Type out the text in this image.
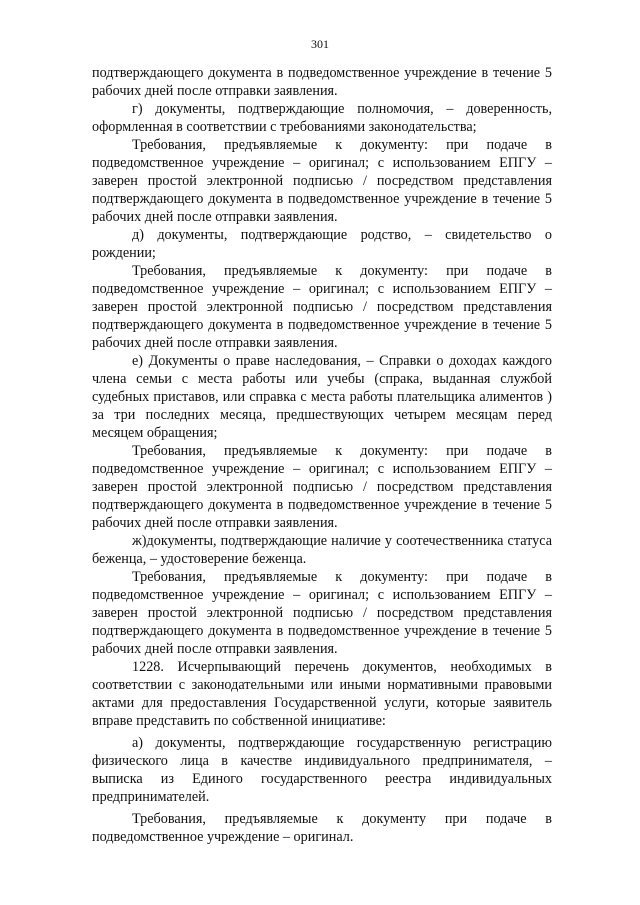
301

подтверждающего документа в подведомственное учреждение в течение 5 рабочих дней после отправки заявления.

г) документы, подтверждающие полномочия, – доверенность, оформленная в соответствии с требованиями законодательства;

Требования, предъявляемые к документу: при подаче в подведомственное учреждение – оригинал; с использованием ЕПГУ – заверен простой электронной подписью / посредством представления подтверждающего документа в подведомственное учреждение в течение 5 рабочих дней после отправки заявления.

д) документы, подтверждающие родство, – свидетельство о рождении;

Требования, предъявляемые к документу: при подаче в подведомственное учреждение – оригинал; с использованием ЕПГУ – заверен простой электронной подписью / посредством представления подтверждающего документа в подведомственное учреждение в течение 5 рабочих дней после отправки заявления.

е) Документы о праве наследования, – Справки о доходах каждого члена семьи с места работы или учебы (спрака, выданная службой судебных приставов, или справка с места работы плательщика алиментов ) за три последних месяца, предшествующих четырем месяцам перед месяцем обращения;

Требования, предъявляемые к документу: при подаче в подведомственное учреждение – оригинал; с использованием ЕПГУ – заверен простой электронной подписью / посредством представления подтверждающего документа в подведомственное учреждение в течение 5 рабочих дней после отправки заявления.

ж)документы, подтверждающие наличие у соотечественника статуса беженца, – удостоверение беженца.

Требования, предъявляемые к документу: при подаче в подведомственное учреждение – оригинал; с использованием ЕПГУ – заверен простой электронной подписью / посредством представления подтверждающего документа в подведомственное учреждение в течение 5 рабочих дней после отправки заявления.

1228. Исчерпывающий перечень документов, необходимых в соответствии с законодательными или иными нормативными правовыми актами для предоставления Государственной услуги, которые заявитель вправе представить по собственной инициативе:

а) документы, подтверждающие государственную регистрацию физического лица в качестве индивидуального предпринимателя, – выписка из Единого государственного реестра индивидуальных предпринимателей.

Требования, предъявляемые к документу при подаче в подведомственное учреждение – оригинал.
